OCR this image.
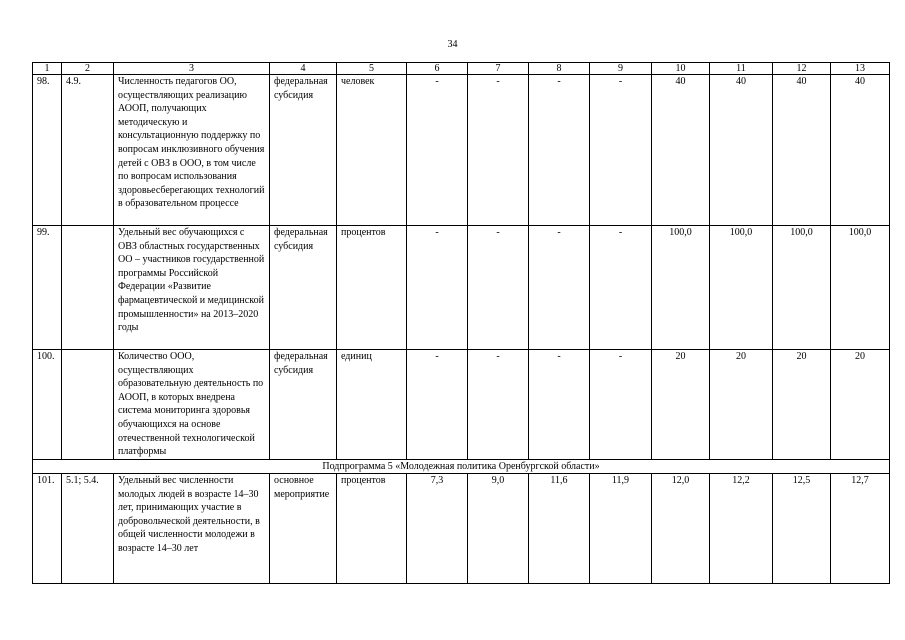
34
1	2	3	4	5	6	7	8	9	10	11	12	13
98.	4.9.	Численность педагогов ОО, осуществляющих реализацию АООП, получающих методическую и консультационную поддержку по вопросам инклюзивного обучения детей с ОВЗ в ООО, в том числе по вопросам использования здоровьесберегающих технологий в образовательном процессе	федеральная субсидия	человек	-	-	-	-	40	40	40	40
99.		Удельный вес обучающихся с ОВЗ областных государственных ОО – участников государственной программы Российской Федерации «Развитие фармацевтической и медицинской промышленности» на 2013–2020 годы	федеральная субсидия	процентов	-	-	-	-	100,0	100,0	100,0	100,0
100.		Количество ООО, осуществляющих образовательную деятельность по АООП, в которых внедрена система мониторинга здоровья обучающихся на основе отечественной технологической платформы	федеральная субсидия	единиц	-	-	-	-	20	20	20	20
Подпрограмма 5 «Молодежная политика Оренбургской области»												
101.	5.1; 5.4.	Удельный вес численности молодых людей в возрасте 14–30 лет, принимающих участие в добровольческой деятельности, в общей численности молодежи в возрасте 14–30 лет	основное мероприятие	процентов	7,3	9,0	11,6	11,9	12,0	12,2	12,5	12,7
